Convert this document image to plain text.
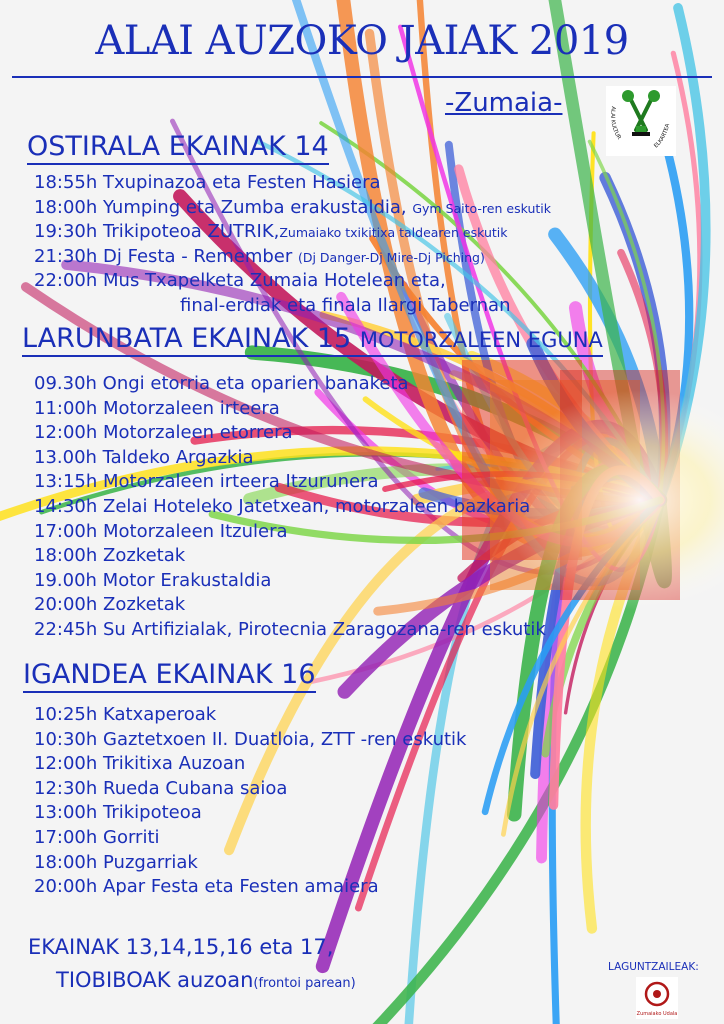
ALAI AUZOKO JAIAK 2019
-Zumaia-	ALAI KULTUR
ELKARTEA
OSTIRALA EKAINAK 14
18:55h Txupinazoa eta Festen Hasiera
18:00h Yumping eta Zumba erakustaldia, Gym Saito-ren eskutik
19:30h Trikipoteoa ZUTRIK,Zumaiako txikitixa taldearen eskutik
21:30h Dj Festa - Remember (Dj Danger-Dj Mire-Dj Piching)
22:00h Mus Txapelketa Zumaia Hotelean eta,
final-erdiak eta finala Ilargi Tabernan
LARUNBATA EKAINAK 15 MOTORZALEEN EGUNA
09.30h Ongi etorria eta oparien banaketa
11:00h Motorzaleen irteera
12:00h Motorzaleen etorrera
13.00h Taldeko Argazkia
13:15h Motorzaleen irteera Itzurunera
14:30h Zelai Hoteleko Jatetxean, motorzaleen bazkaria
17:00h Motorzaleen Itzulera
18:00h Zozketak
19.00h Motor Erakustaldia
20:00h Zozketak
22:45h Su Artifizialak, Pirotecnia Zaragozana-ren eskutik
IGANDEA EKAINAK 16
10:25h Katxaperoak
10:30h Gaztetxoen II. Duatloia, ZTT -ren eskutik
12:00h Trikitixa Auzoan
12:30h Rueda Cubana saioa
13:00h Trikipoteoa
17:00h Gorriti
18:00h Puzgarriak
20:00h Apar Festa eta Festen amaiera
EKAINAK 13,14,15,16 eta 17,
TIOBIBOAK auzoan(frontoi parean)
LAGUNTZAILEAK:
Zumaiako Udala
